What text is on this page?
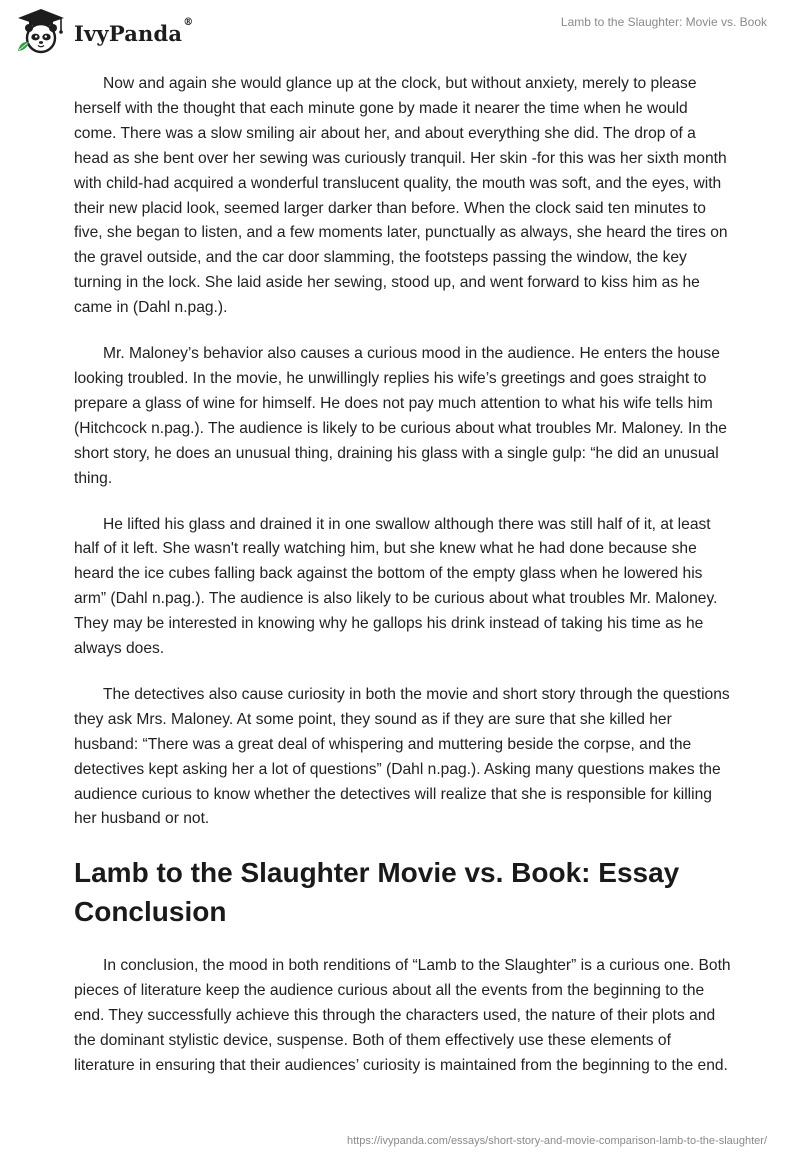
IvyPanda®	Lamb to the Slaughter: Movie vs. Book

Now and again she would glance up at the clock, but without anxiety, merely to please herself with the thought that each minute gone by made it nearer the time when he would come. There was a slow smiling air about her, and about everything she did. The drop of a head as she bent over her sewing was curiously tranquil. Her skin -for this was her sixth month with child-had acquired a wonderful translucent quality, the mouth was soft, and the eyes, with their new placid look, seemed larger darker than before. When the clock said ten minutes to five, she began to listen, and a few moments later, punctually as always, she heard the tires on the gravel outside, and the car door slamming, the footsteps passing the window, the key turning in the lock. She laid aside her sewing, stood up, and went forward to kiss him as he came in (Dahl n.pag.).

Mr. Maloney’s behavior also causes a curious mood in the audience. He enters the house looking troubled. In the movie, he unwillingly replies his wife’s greetings and goes straight to prepare a glass of wine for himself. He does not pay much attention to what his wife tells him (Hitchcock n.pag.). The audience is likely to be curious about what troubles Mr. Maloney. In the short story, he does an unusual thing, draining his glass with a single gulp: “he did an unusual thing.

He lifted his glass and drained it in one swallow although there was still half of it, at least half of it left. She wasn't really watching him, but she knew what he had done because she heard the ice cubes falling back against the bottom of the empty glass when he lowered his arm” (Dahl n.pag.). The audience is also likely to be curious about what troubles Mr. Maloney. They may be interested in knowing why he gallops his drink instead of taking his time as he always does.

The detectives also cause curiosity in both the movie and short story through the questions they ask Mrs. Maloney. At some point, they sound as if they are sure that she killed her husband: “There was a great deal of whispering and muttering beside the corpse, and the detectives kept asking her a lot of questions” (Dahl n.pag.). Asking many questions makes the audience curious to know whether the detectives will realize that she is responsible for killing her husband or not.

Lamb to the Slaughter Movie vs. Book: Essay Conclusion

In conclusion, the mood in both renditions of “Lamb to the Slaughter” is a curious one. Both pieces of literature keep the audience curious about all the events from the beginning to the end. They successfully achieve this through the characters used, the nature of their plots and the dominant stylistic device, suspense. Both of them effectively use these elements of literature in ensuring that their audiences’ curiosity is maintained from the beginning to the end.

https://ivypanda.com/essays/short-story-and-movie-comparison-lamb-to-the-slaughter/
